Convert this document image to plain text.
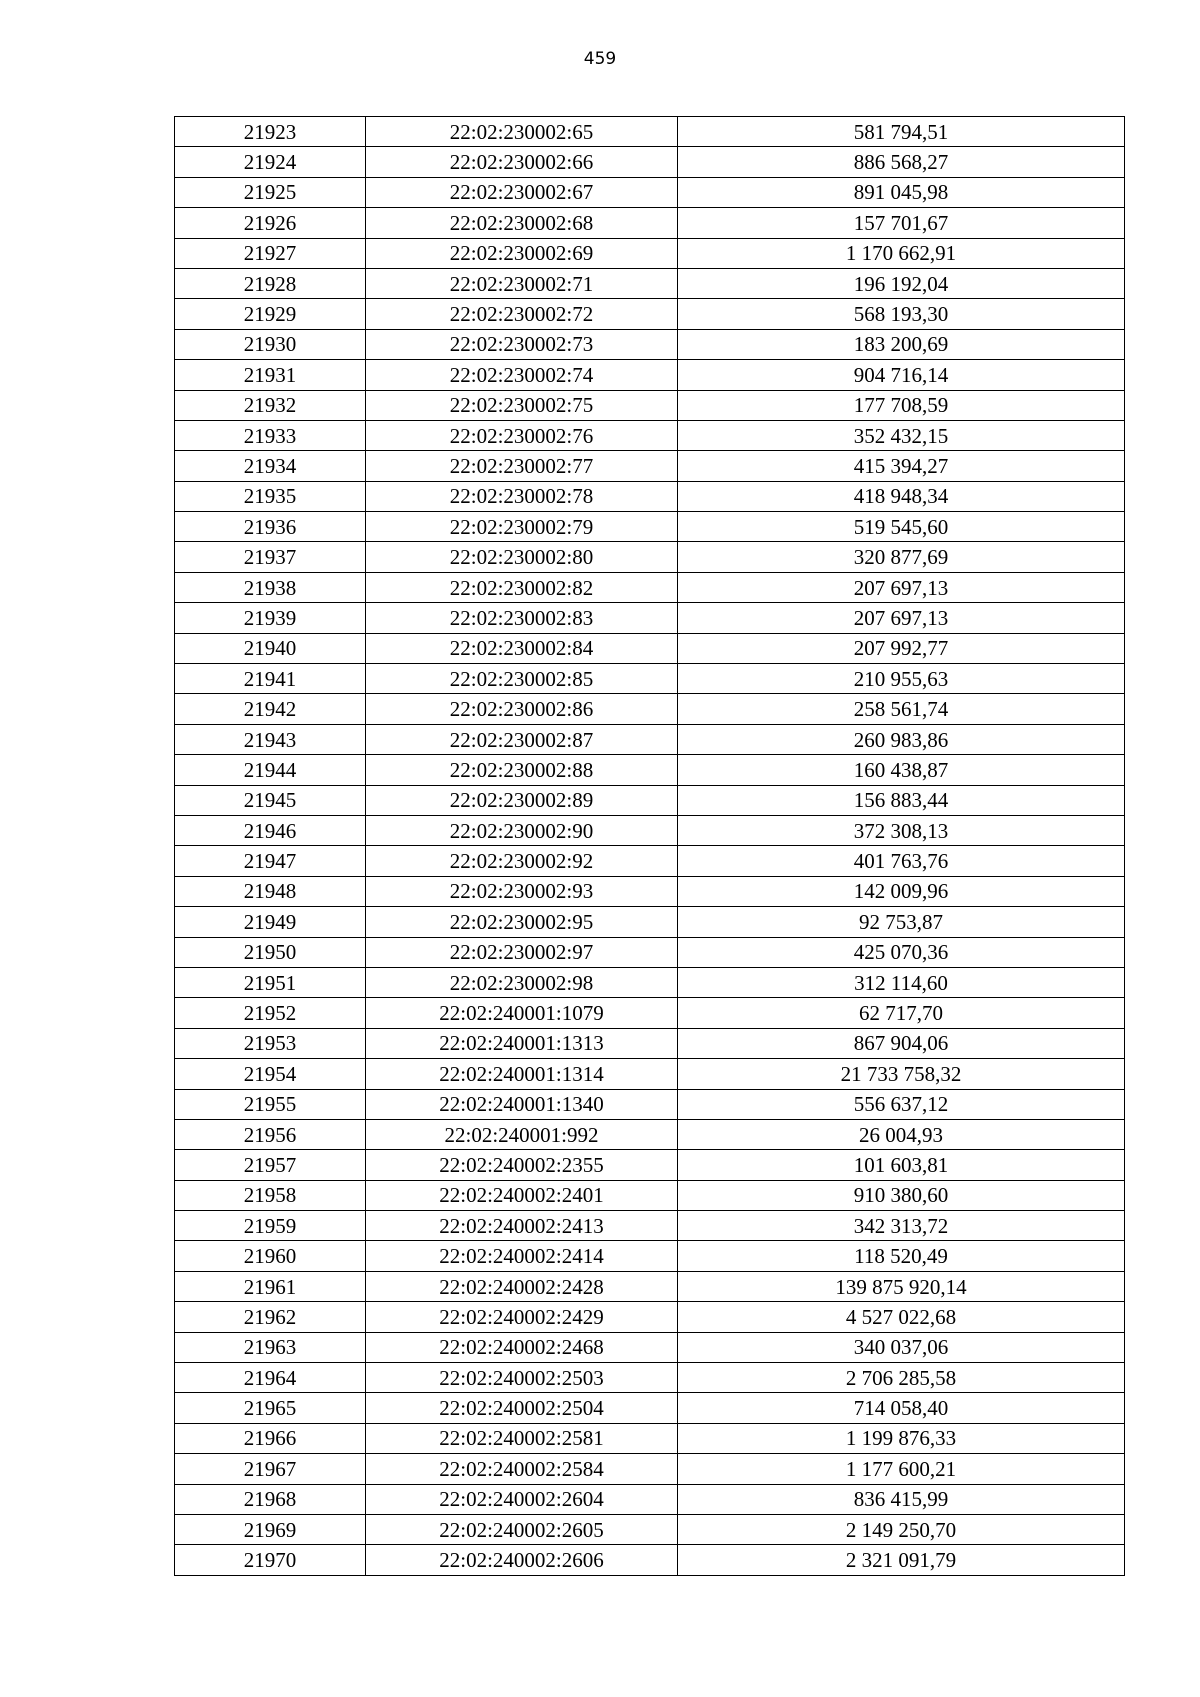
459
21923	22:02:230002:65	581 794,51
21924	22:02:230002:66	886 568,27
21925	22:02:230002:67	891 045,98
21926	22:02:230002:68	157 701,67
21927	22:02:230002:69	1 170 662,91
21928	22:02:230002:71	196 192,04
21929	22:02:230002:72	568 193,30
21930	22:02:230002:73	183 200,69
21931	22:02:230002:74	904 716,14
21932	22:02:230002:75	177 708,59
21933	22:02:230002:76	352 432,15
21934	22:02:230002:77	415 394,27
21935	22:02:230002:78	418 948,34
21936	22:02:230002:79	519 545,60
21937	22:02:230002:80	320 877,69
21938	22:02:230002:82	207 697,13
21939	22:02:230002:83	207 697,13
21940	22:02:230002:84	207 992,77
21941	22:02:230002:85	210 955,63
21942	22:02:230002:86	258 561,74
21943	22:02:230002:87	260 983,86
21944	22:02:230002:88	160 438,87
21945	22:02:230002:89	156 883,44
21946	22:02:230002:90	372 308,13
21947	22:02:230002:92	401 763,76
21948	22:02:230002:93	142 009,96
21949	22:02:230002:95	92 753,87
21950	22:02:230002:97	425 070,36
21951	22:02:230002:98	312 114,60
21952	22:02:240001:1079	62 717,70
21953	22:02:240001:1313	867 904,06
21954	22:02:240001:1314	21 733 758,32
21955	22:02:240001:1340	556 637,12
21956	22:02:240001:992	26 004,93
21957	22:02:240002:2355	101 603,81
21958	22:02:240002:2401	910 380,60
21959	22:02:240002:2413	342 313,72
21960	22:02:240002:2414	118 520,49
21961	22:02:240002:2428	139 875 920,14
21962	22:02:240002:2429	4 527 022,68
21963	22:02:240002:2468	340 037,06
21964	22:02:240002:2503	2 706 285,58
21965	22:02:240002:2504	714 058,40
21966	22:02:240002:2581	1 199 876,33
21967	22:02:240002:2584	1 177 600,21
21968	22:02:240002:2604	836 415,99
21969	22:02:240002:2605	2 149 250,70
21970	22:02:240002:2606	2 321 091,79
